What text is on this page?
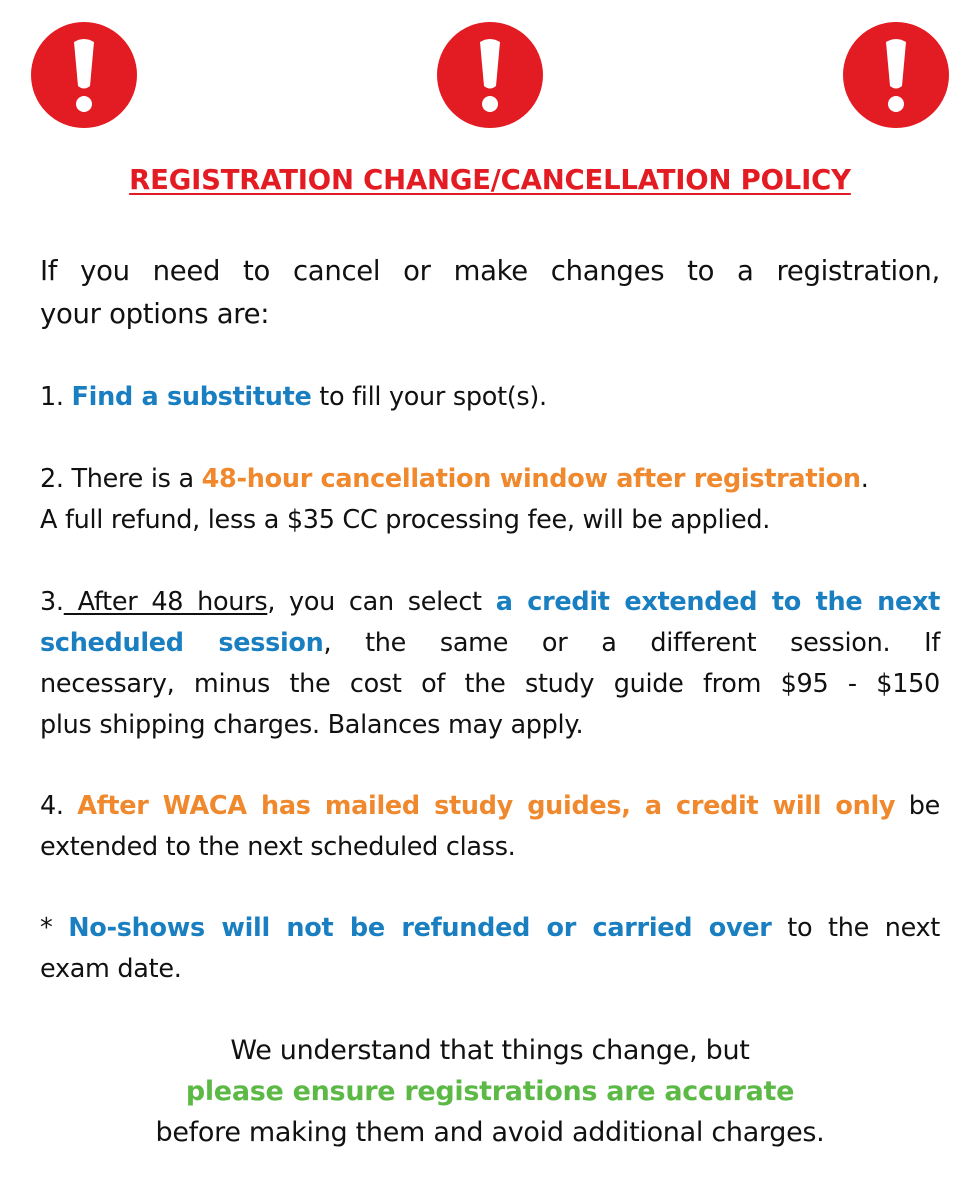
REGISTRATION CHANGE/CANCELLATION POLICY
If you need to cancel or make changes to a registration,
your options are:
1. Find a substitute to fill your spot(s).
2. There is a 48-hour cancellation window after registration.
A full refund, less a $35 CC processing fee, will be applied.
3. After 48 hours, you can select a credit extended to the next
scheduled session, the same or a different session. If
necessary, minus the cost of the study guide from $95 - $150
plus shipping charges. Balances may apply.
4. After WACA has mailed study guides, a credit will only be
extended to the next scheduled class.
* No-shows will not be refunded or carried over to the next
exam date.
We understand that things change, but
please ensure registrations are accurate
before making them and avoid additional charges.
